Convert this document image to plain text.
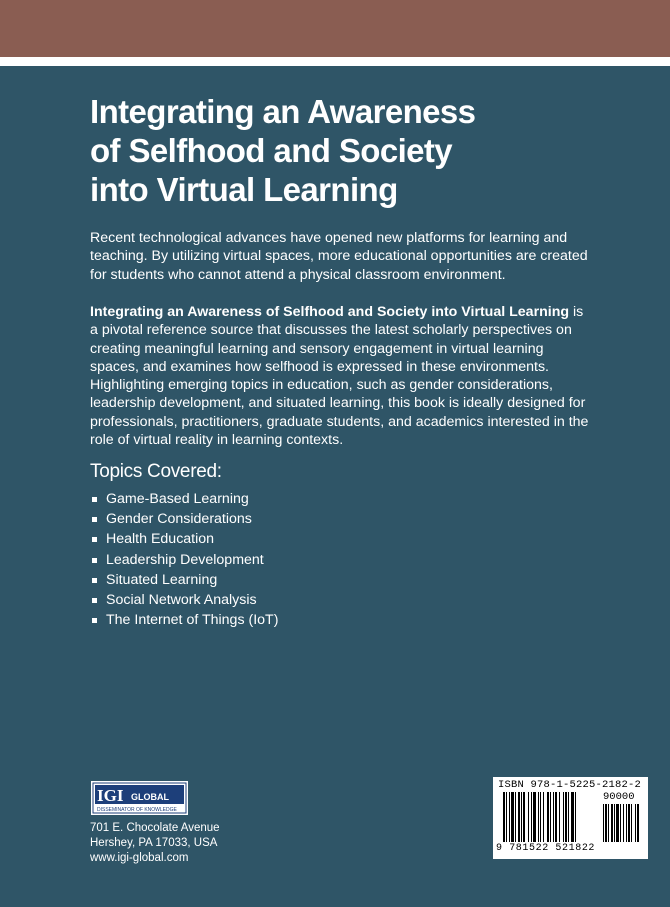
Integrating an Awareness
of Selfhood and Society
into Virtual Learning

Recent technological advances have opened new platforms for learning and teaching. By utilizing virtual spaces, more educational opportunities are created for students who cannot attend a physical classroom environment.

Integrating an Awareness of Selfhood and Society into Virtual Learning is a pivotal reference source that discusses the latest scholarly perspectives on creating meaningful learning and sensory engagement in virtual learning spaces, and examines how selfhood is expressed in these environments. Highlighting emerging topics in education, such as gender considerations, leadership development, and situated learning, this book is ideally designed for professionals, practitioners, graduate students, and academics interested in the role of virtual reality in learning contexts.

Topics Covered:
Game-Based Learning
Gender Considerations
Health Education
Leadership Development
Situated Learning
Social Network Analysis
The Internet of Things (IoT)
IGI GLOBAL
DISSEMINATOR OF KNOWLEDGE
701 E. Chocolate Avenue
Hershey, PA 17033, USA
www.igi-global.com
ISBN 978-1-5225-2182-2
90000
9 781522 521822
